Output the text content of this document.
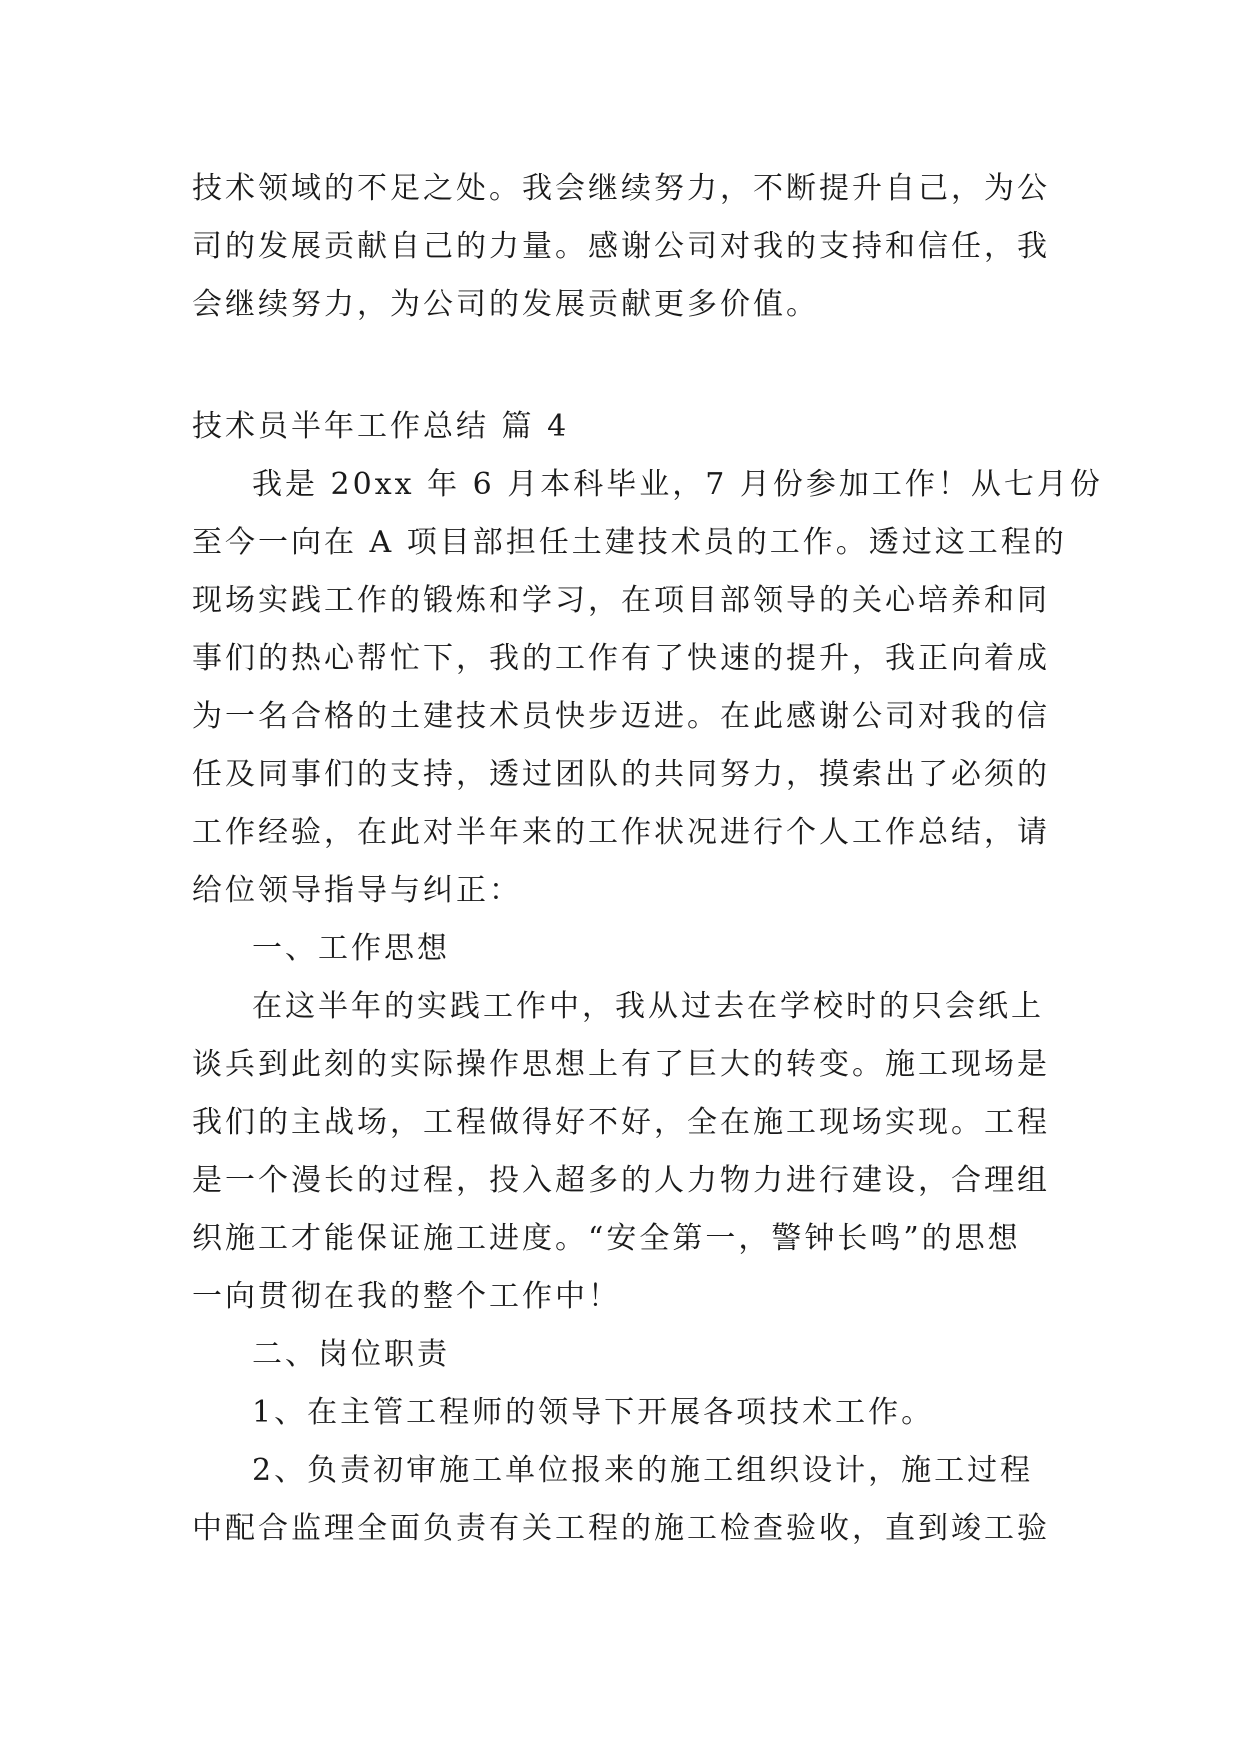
技术领域的不足之处。我会继续努力，不断提升自己，为公
司的发展贡献自己的力量。感谢公司对我的支持和信任，我
会继续努力，为公司的发展贡献更多价值。
技术员半年工作总结 篇 4
我是 20xx 年 6 月本科毕业，7 月份参加工作！从七月份
至今一向在 A 项目部担任土建技术员的工作。透过这工程的
现场实践工作的锻炼和学习，在项目部领导的关心培养和同
事们的热心帮忙下，我的工作有了快速的提升，我正向着成
为一名合格的土建技术员快步迈进。在此感谢公司对我的信
任及同事们的支持，透过团队的共同努力，摸索出了必须的
工作经验，在此对半年来的工作状况进行个人工作总结，请
给位领导指导与纠正：
一、工作思想
在这半年的实践工作中，我从过去在学校时的只会纸上
谈兵到此刻的实际操作思想上有了巨大的转变。施工现场是
我们的主战场，工程做得好不好，全在施工现场实现。工程
是一个漫长的过程，投入超多的人力物力进行建设，合理组
织施工才能保证施工进度。“安全第一，警钟长鸣”的思想
一向贯彻在我的整个工作中！
二、岗位职责
1、在主管工程师的领导下开展各项技术工作。
2、负责初审施工单位报来的施工组织设计，施工过程
中配合监理全面负责有关工程的施工检查验收，直到竣工验
